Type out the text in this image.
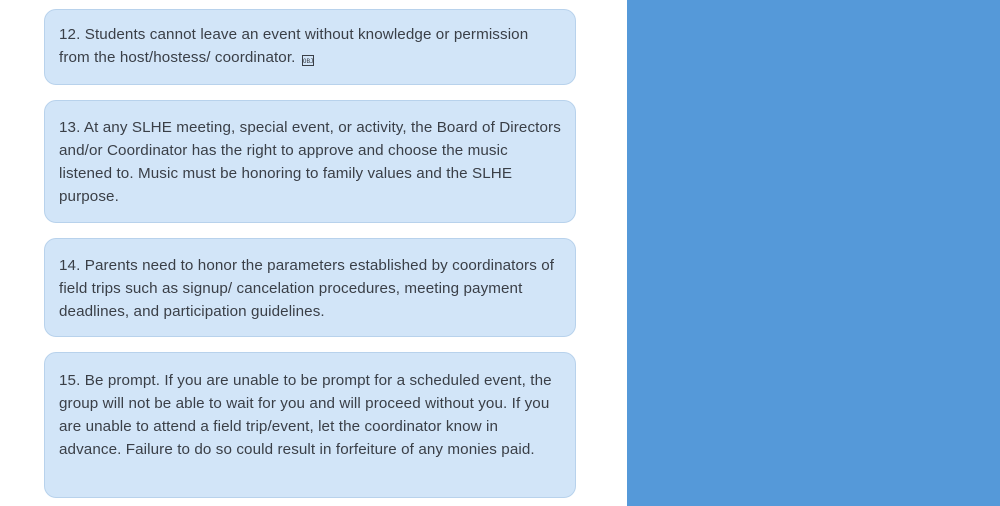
12. Students cannot leave an event without knowledge or permission from the host/hostess/ coordinator. OBJ

13. At any SLHE meeting, special event, or activity, the Board of Directors and/or Coordinator has the right to approve and choose the music listened to. Music must be honoring to family values and the SLHE purpose.

14. Parents need to honor the parameters established by coordinators of field trips such as signup/ cancelation procedures, meeting payment deadlines, and participation guidelines.

15. Be prompt. If you are unable to be prompt for a scheduled event, the group will not be able to wait for you and will proceed without you. If you are unable to attend a field trip/event, let the coordinator know in advance. Failure to do so could result in forfeiture of any monies paid.
